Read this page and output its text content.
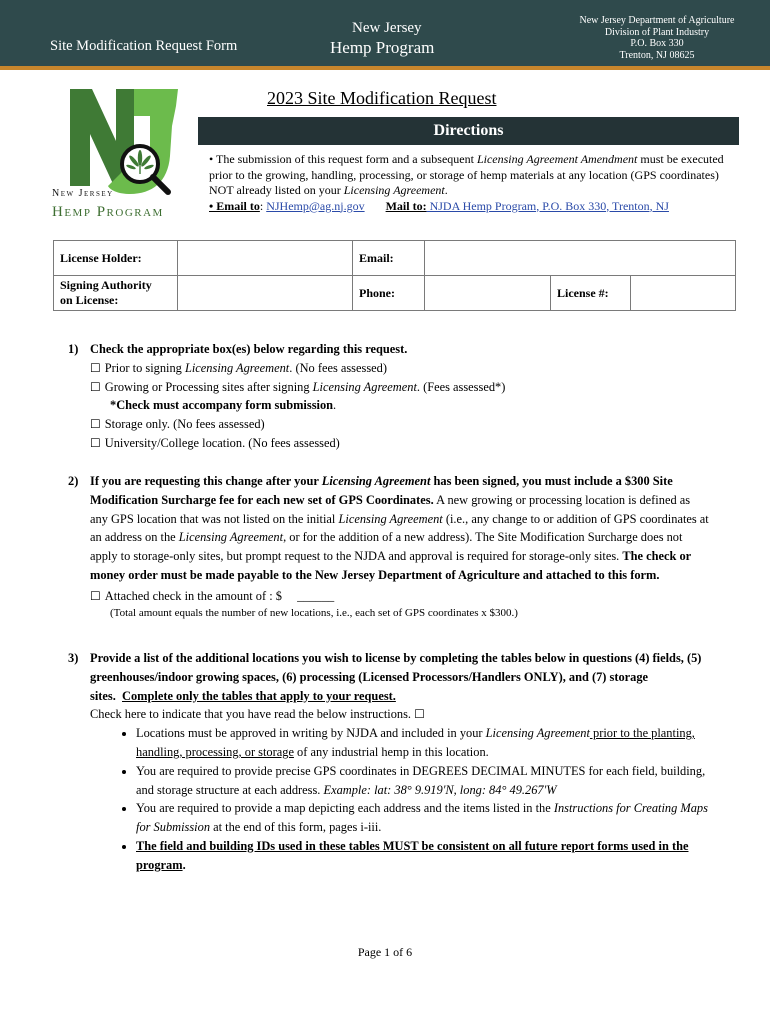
Site Modification Request Form
New Jersey
Hemp Program
New Jersey Department of Agriculture
Division of Plant Industry
P.O. Box 330
Trenton, NJ 08625
New Jersey
Hemp Program
2023 Site Modification Request
Directions
• The submission of this request form and a subsequent Licensing Agreement Amendment must be executed prior to the growing, handling, processing, or storage of hemp materials at any location (GPS coordinates) NOT already listed on your Licensing Agreement.
• Email to: NJHemp@ag.nj.gov Mail to: NJDA Hemp Program, P.O. Box 330, Trenton, NJ
License Holder:		Email:			
Signing Authority
on License:		Phone:		License #:	
1) Check the appropriate box(es) below regarding this request.
☐ Prior to signing Licensing Agreement. (No fees assessed)
☐ Growing or Processing sites after signing Licensing Agreement. (Fees assessed*)
*Check must accompany form submission.
☐ Storage only. (No fees assessed)
☐ University/College location. (No fees assessed)
2) If you are requesting this change after your Licensing Agreement has been signed, you must include a $300 Site Modification Surcharge fee for each new set of GPS Coordinates. A new growing or processing location is defined as any GPS location that was not listed on the initial Licensing Agreement (i.e., any change to or addition of GPS coordinates at an address on the Licensing Agreement, or for the addition of a new address). The Site Modification Surcharge does not apply to storage-only sites, but prompt request to the NJDA and approval is required for storage-only sites. The check or money order must be made payable to the New Jersey Department of Agriculture and attached to this form.
☐ Attached check in the amount of : $ ______
(Total amount equals the number of new locations, i.e., each set of GPS coordinates x $300.)
3) Provide a list of the additional locations you wish to license by completing the tables below in questions (4) fields, (5) greenhouses/indoor growing spaces, (6) processing (Licensed Processors/Handlers ONLY), and (7) storage sites. Complete only the tables that apply to your request.
Check here to indicate that you have read the below instructions. ☐
• Locations must be approved in writing by NJDA and included in your Licensing Agreement prior to the planting, handling, processing, or storage of any industrial hemp in this location.
• You are required to provide precise GPS coordinates in DEGREES DECIMAL MINUTES for each field, building, and storage structure at each address. Example: lat: 38° 9.919'N, long: 84° 49.267'W
• You are required to provide a map depicting each address and the items listed in the Instructions for Creating Maps for Submission at the end of this form, pages i-iii.
• The field and building IDs used in these tables MUST be consistent on all future report forms used in the program.
Page 1 of 6
